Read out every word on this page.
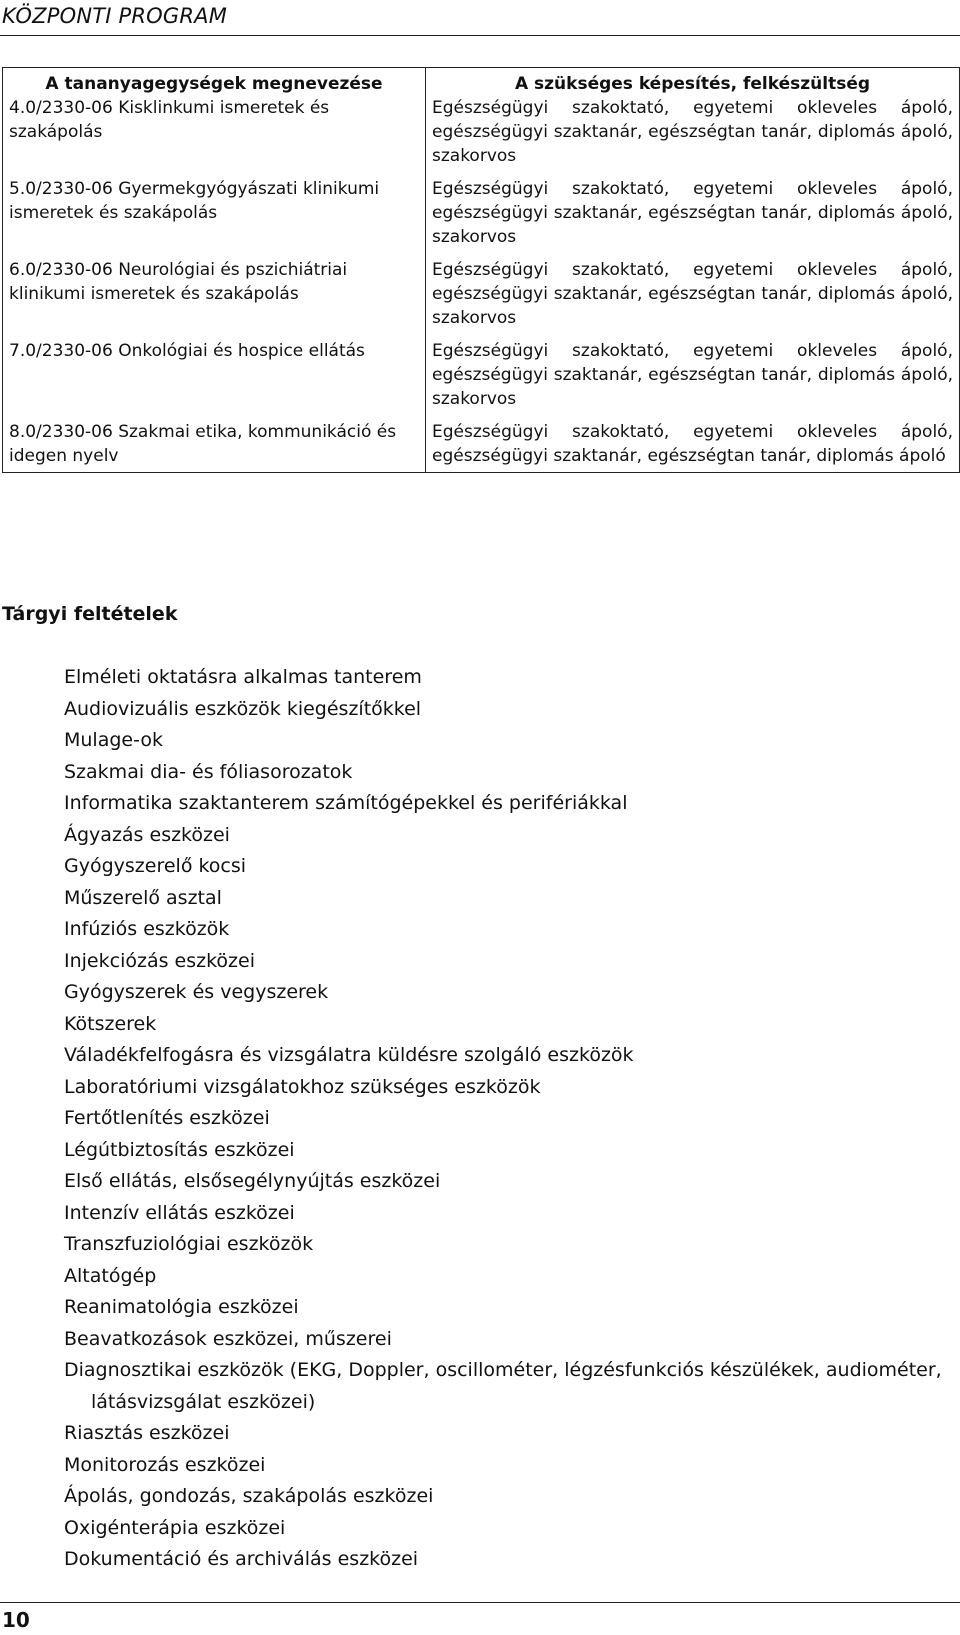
KÖZPONTI PROGRAM
A tananyagegységek megnevezése	A szükséges képesítés, felkészültség
4.0/2330-06 Kisklinkumi ismeretek és szakápolás	Egészségügyi szakoktató, egyetemi okleveles ápoló, egészségügyi szaktanár, egészségtan tanár, diplomás ápoló, szakorvos
5.0/2330-06 Gyermekgyógyászati klinikumi ismeretek és szakápolás	Egészségügyi szakoktató, egyetemi okleveles ápoló, egészségügyi szaktanár, egészségtan tanár, diplomás ápoló, szakorvos
6.0/2330-06 Neurológiai és pszichiátriai klinikumi ismeretek és szakápolás	Egészségügyi szakoktató, egyetemi okleveles ápoló, egészségügyi szaktanár, egészségtan tanár, diplomás ápoló, szakorvos
7.0/2330-06 Onkológiai és hospice ellátás	Egészségügyi szakoktató, egyetemi okleveles ápoló, egészségügyi szaktanár, egészségtan tanár, diplomás ápoló, szakorvos
8.0/2330-06 Szakmai etika, kommunikáció és idegen nyelv	Egészségügyi szakoktató, egyetemi okleveles ápoló, egészségügyi szaktanár, egészségtan tanár, diplomás ápoló
Tárgyi feltételek
Elméleti oktatásra alkalmas tanterem
Audiovizuális eszközök kiegészítőkkel
Mulage-ok
Szakmai dia- és fóliasorozatok
Informatika szaktanterem számítógépekkel és perifériákkal
Ágyazás eszközei
Gyógyszerelő kocsi
Műszerelő asztal
Infúziós eszközök
Injekciózás eszközei
Gyógyszerek és vegyszerek
Kötszerek
Váladékfelfogásra és vizsgálatra küldésre szolgáló eszközök
Laboratóriumi vizsgálatokhoz szükséges eszközök
Fertőtlenítés eszközei
Légútbiztosítás eszközei
Első ellátás, elsősegélynyújtás eszközei
Intenzív ellátás eszközei
Transzfuziológiai eszközök
Altatógép
Reanimatológia eszközei
Beavatkozások eszközei, műszerei
Diagnosztikai eszközök (EKG, Doppler, oscillométer, légzésfunkciós készülékek, audiométer, látásvizsgálat eszközei)
Riasztás eszközei
Monitorozás eszközei
Ápolás, gondozás, szakápolás eszközei
Oxigénterápia eszközei
Dokumentáció és archiválás eszközei
10
